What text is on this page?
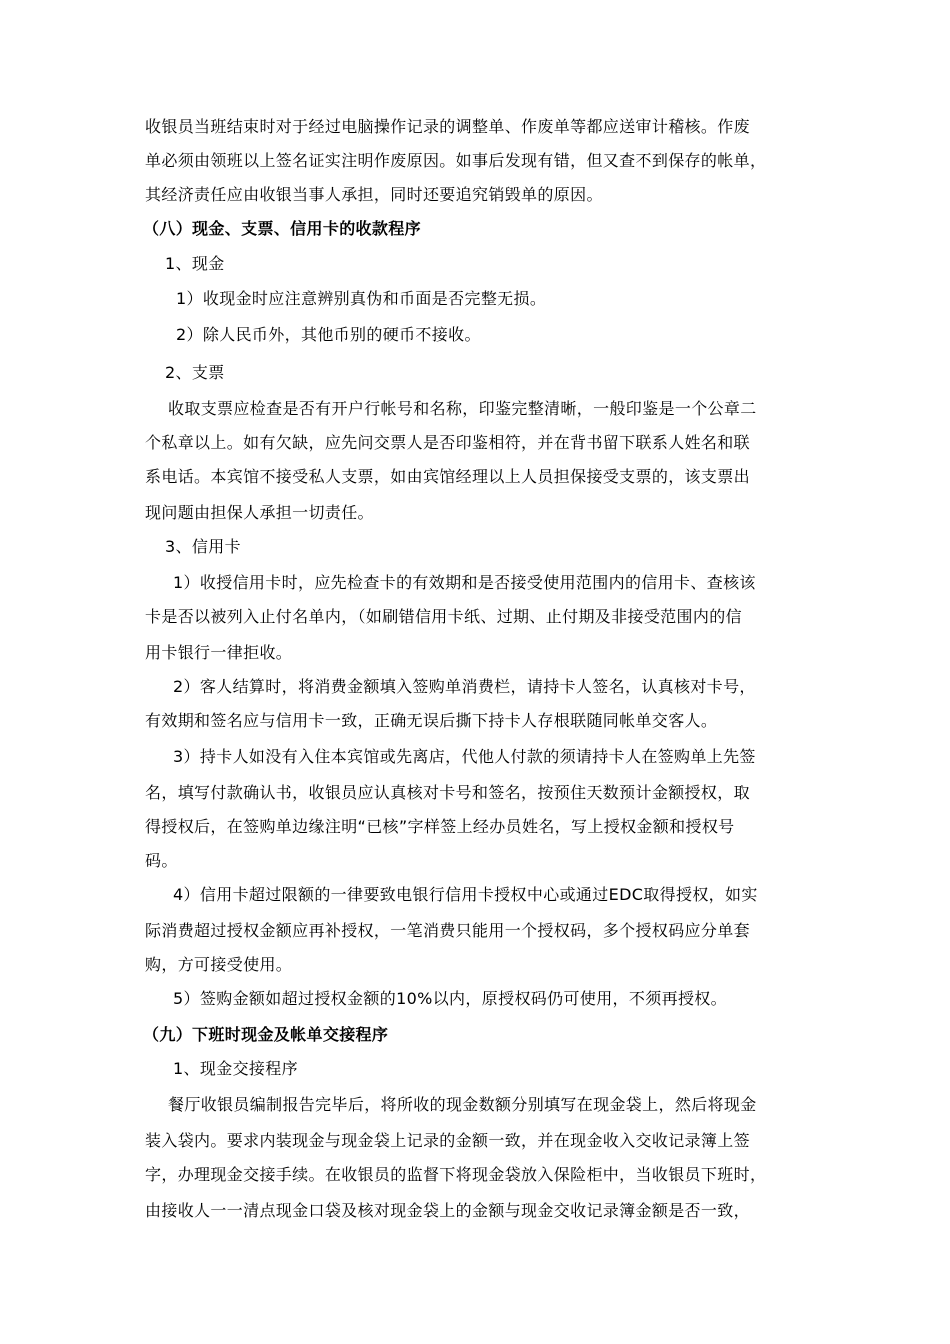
收银员当班结束时对于经过电脑操作记录的调整单、作废单等都应送审计稽核。作废
单必须由领班以上签名证实注明作废原因。如事后发现有错，但又查不到保存的帐单，
其经济责任应由收银当事人承担，同时还要追究销毁单的原因。
（八）现金、支票、信用卡的收款程序
1、现金
1）收现金时应注意辨别真伪和币面是否完整无损。
2）除人民币外，其他币别的硬币不接收。
2、支票
收取支票应检查是否有开户行帐号和名称，印鉴完整清晰，一般印鉴是一个公章二
个私章以上。如有欠缺，应先问交票人是否印鉴相符，并在背书留下联系人姓名和联
系电话。本宾馆不接受私人支票，如由宾馆经理以上人员担保接受支票的，该支票出
现问题由担保人承担一切责任。
3、信用卡
1）收授信用卡时，应先检查卡的有效期和是否接受使用范围内的信用卡、查核该
卡是否以被列入止付名单内，（如刷错信用卡纸、过期、止付期及非接受范围内的信
用卡银行一律拒收。
2）客人结算时，将消费金额填入签购单消费栏，请持卡人签名，认真核对卡号，
有效期和签名应与信用卡一致，正确无误后撕下持卡人存根联随同帐单交客人。
3）持卡人如没有入住本宾馆或先离店，代他人付款的须请持卡人在签购单上先签
名，填写付款确认书，收银员应认真核对卡号和签名，按预住天数预计金额授权，取
得授权后，在签购单边缘注明“已核”字样签上经办员姓名，写上授权金额和授权号
码。
4）信用卡超过限额的一律要致电银行信用卡授权中心或通过EDC取得授权，如实
际消费超过授权金额应再补授权，一笔消费只能用一个授权码，多个授权码应分单套
购，方可接受使用。
5）签购金额如超过授权金额的10%以内，原授权码仍可使用，不须再授权。
（九）下班时现金及帐单交接程序
1、现金交接程序
餐厅收银员编制报告完毕后，将所收的现金数额分别填写在现金袋上，然后将现金
装入袋内。要求内装现金与现金袋上记录的金额一致，并在现金收入交收记录簿上签
字，办理现金交接手续。在收银员的监督下将现金袋放入保险柜中，当收银员下班时，
由接收人一一清点现金口袋及核对现金袋上的金额与现金交收记录簿金额是否一致，
